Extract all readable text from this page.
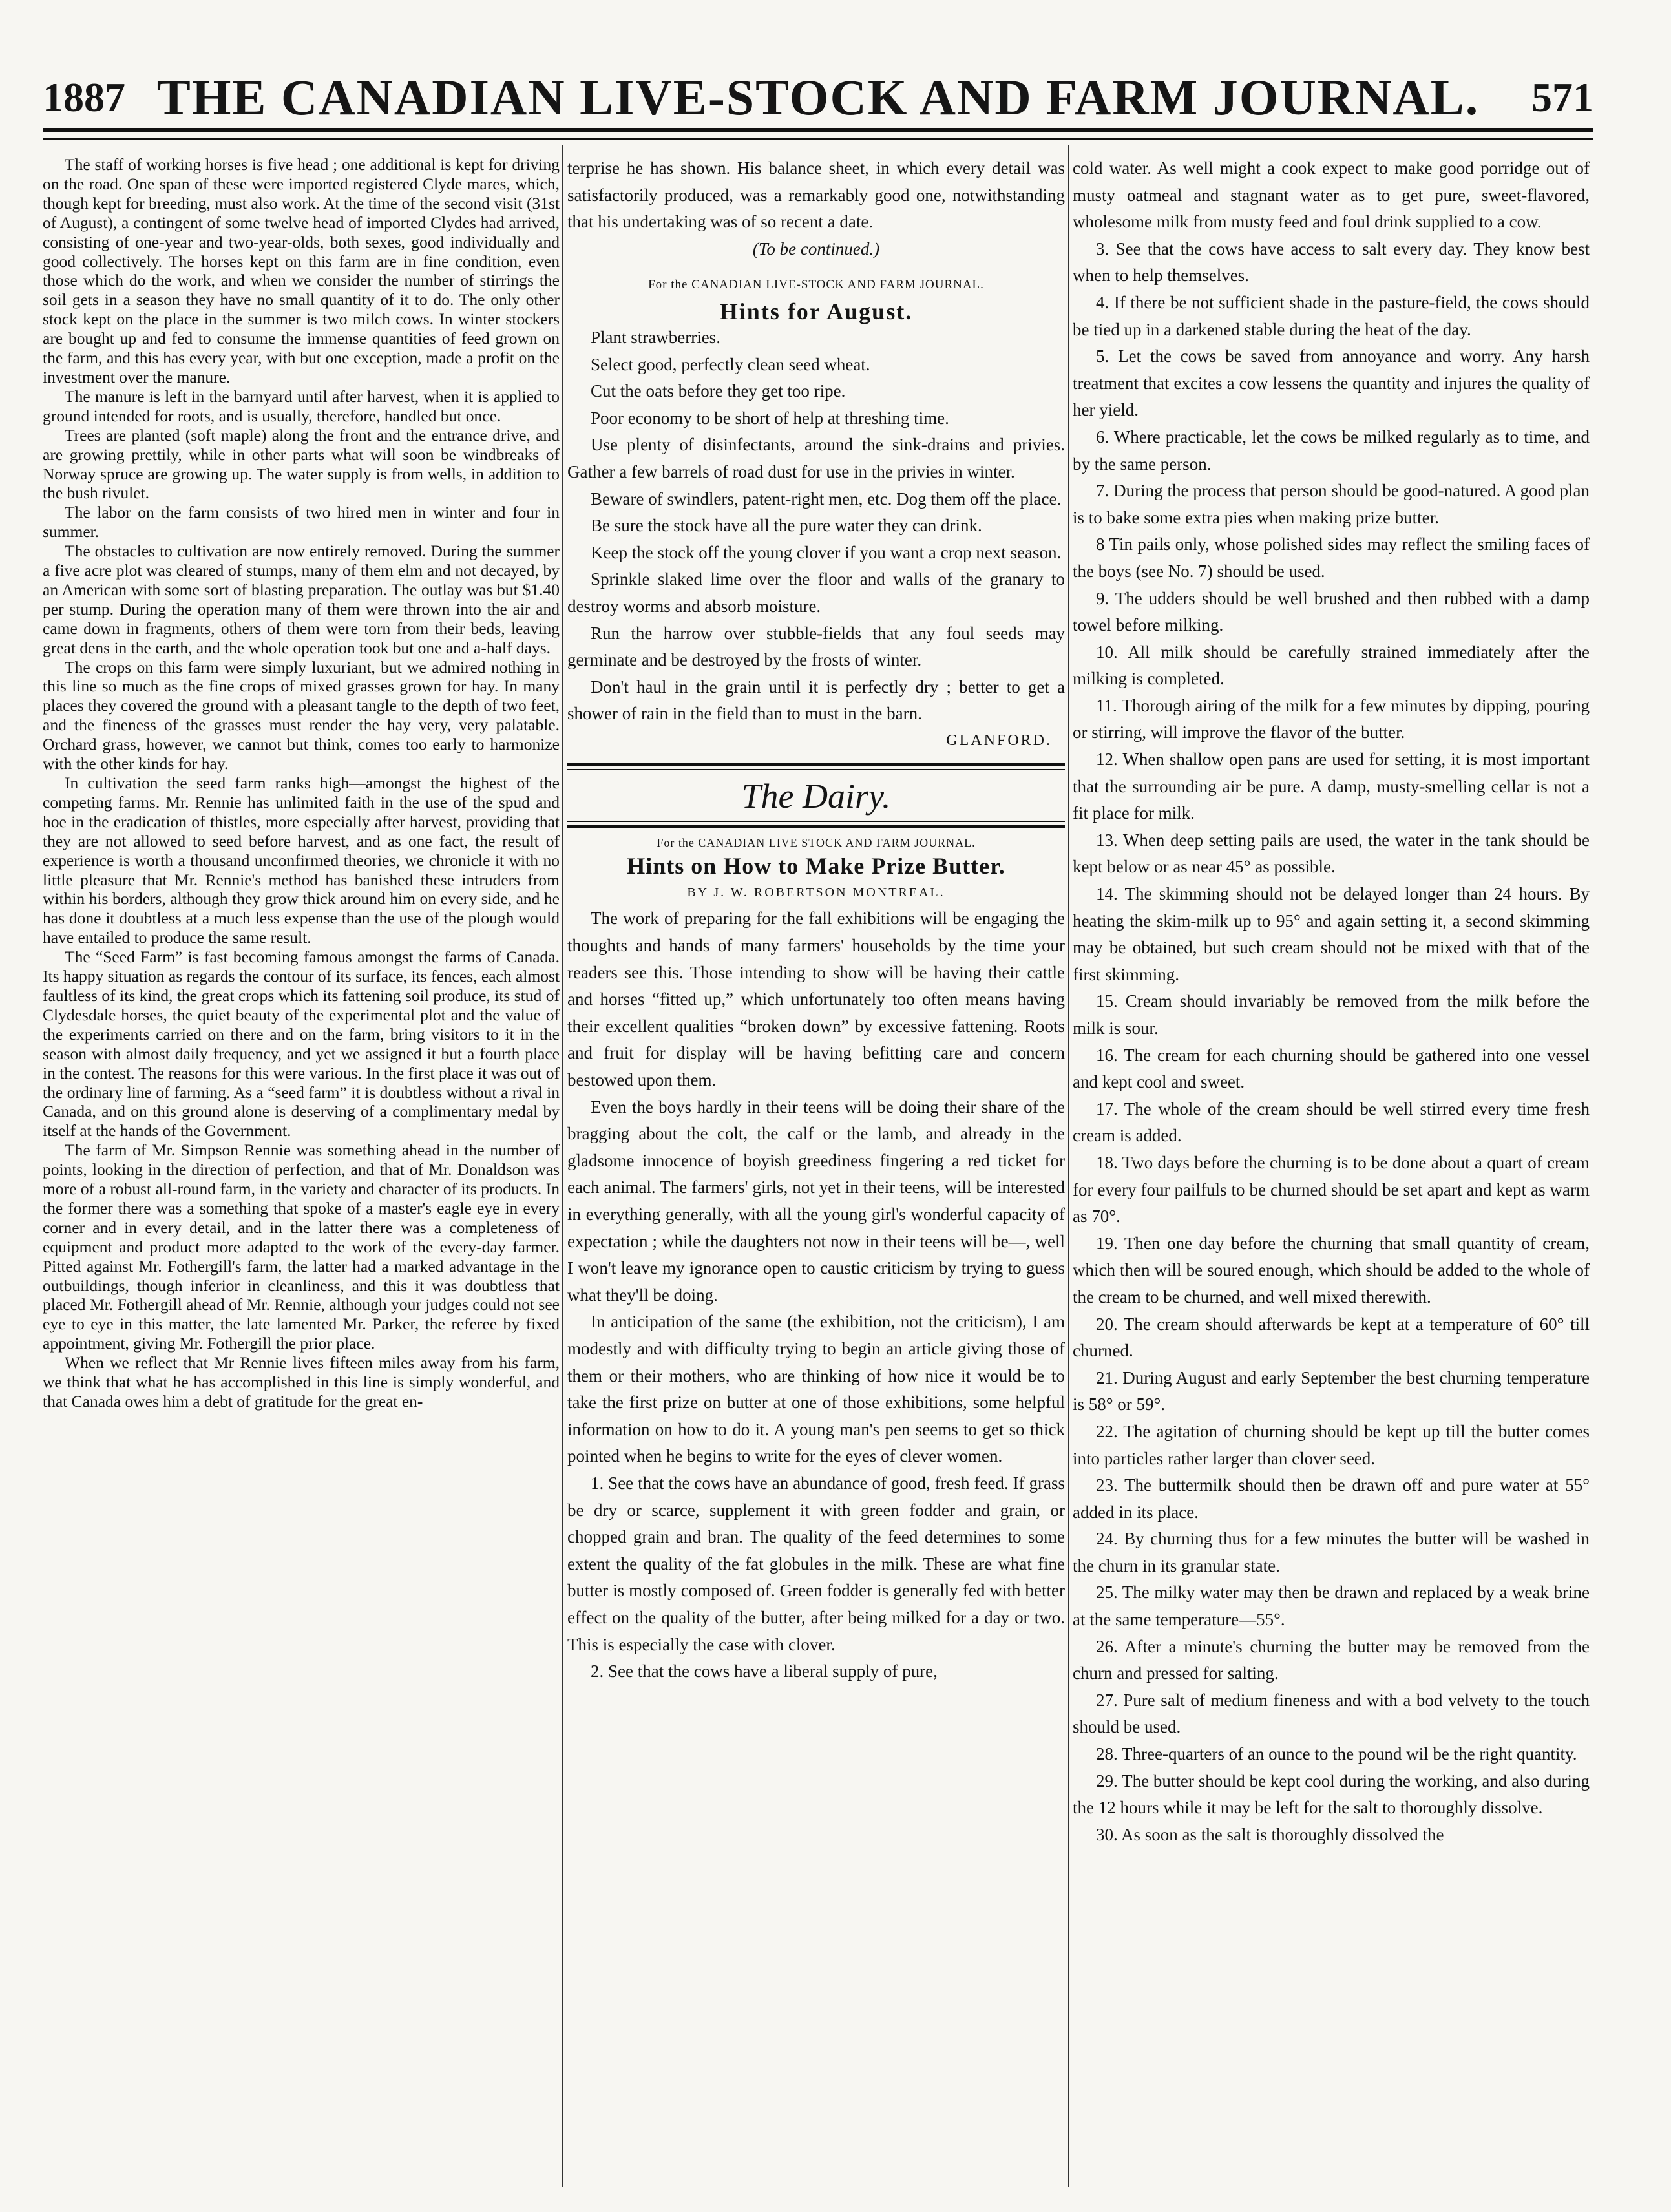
1887 THE CANADIAN LIVE-STOCK AND FARM JOURNAL.	571

The staff of working horses is five head ; one additional is kept for driving on the road. One span of these were imported registered Clyde mares, which, though kept for breeding, must also work. At the time of the second visit (31st of August), a contingent of some twelve head of imported Clydes had arrived, consisting of one-year and two-year-olds, both sexes, good individually and good collectively. The horses kept on this farm are in fine condition, even those which do the work, and when we consider the number of stirrings the soil gets in a season they have no small quantity of it to do. The only other stock kept on the place in the summer is two milch cows. In winter stockers are bought up and fed to consume the immense quantities of feed grown on the farm, and this has every year, with but one exception, made a profit on the investment over the manure.

The manure is left in the barnyard until after harvest, when it is applied to ground intended for roots, and is usually, therefore, handled but once.

Trees are planted (soft maple) along the front and the entrance drive, and are growing prettily, while in other parts what will soon be windbreaks of Norway spruce are growing up. The water supply is from wells, in addition to the bush rivulet.

The labor on the farm consists of two hired men in winter and four in summer.

The obstacles to cultivation are now entirely removed. During the summer a five acre plot was cleared of stumps, many of them elm and not decayed, by an American with some sort of blasting preparation. The outlay was but $1.40 per stump. During the operation many of them were thrown into the air and came down in fragments, others of them were torn from their beds, leaving great dens in the earth, and the whole operation took but one and a-half days.

The crops on this farm were simply luxuriant, but we admired nothing in this line so much as the fine crops of mixed grasses grown for hay. In many places they covered the ground with a pleasant tangle to the depth of two feet, and the fineness of the grasses must render the hay very, very palatable. Orchard grass, however, we cannot but think, comes too early to harmonize with the other kinds for hay.

In cultivation the seed farm ranks high—amongst the highest of the competing farms. Mr. Rennie has unlimited faith in the use of the spud and hoe in the eradication of thistles, more especially after harvest, providing that they are not allowed to seed before harvest, and as one fact, the result of experience is worth a thousand unconfirmed theories, we chronicle it with no little pleasure that Mr. Rennie's method has banished these intruders from within his borders, although they grow thick around him on every side, and he has done it doubtless at a much less expense than the use of the plough would have entailed to produce the same result.

The “Seed Farm” is fast becoming famous amongst the farms of Canada. Its happy situation as regards the contour of its surface, its fences, each almost faultless of its kind, the great crops which its fattening soil produce, its stud of Clydesdale horses, the quiet beauty of the experimental plot and the value of the experiments carried on there and on the farm, bring visitors to it in the season with almost daily frequency, and yet we assigned it but a fourth place in the contest. The reasons for this were various. In the first place it was out of the ordinary line of farming. As a “seed farm” it is doubtless without a rival in Canada, and on this ground alone is deserving of a complimentary medal by itself at the hands of the Government.

The farm of Mr. Simpson Rennie was something ahead in the number of points, looking in the direction of perfection, and that of Mr. Donaldson was more of a robust all-round farm, in the variety and character of its products. In the former there was a something that spoke of a master's eagle eye in every corner and in every detail, and in the latter there was a completeness of equipment and product more adapted to the work of the every-day farmer. Pitted against Mr. Fothergill's farm, the latter had a marked advantage in the outbuildings, though inferior in cleanliness, and this it was doubtless that placed Mr. Fothergill ahead of Mr. Rennie, although your judges could not see eye to eye in this matter, the late lamented Mr. Parker, the referee by fixed appointment, giving Mr. Fothergill the prior place.

When we reflect that Mr Rennie lives fifteen miles away from his farm, we think that what he has accomplished in this line is simply wonderful, and that Canada owes him a debt of gratitude for the great en-

terprise he has shown. His balance sheet, in which every detail was satisfactorily produced, was a remarkably good one, notwithstanding that his undertaking was of so recent a date.

(To be continued.)

For the CANADIAN LIVE-STOCK AND FARM JOURNAL.

Hints for August.

Plant strawberries.

Select good, perfectly clean seed wheat.

Cut the oats before they get too ripe.

Poor economy to be short of help at threshing time.

Use plenty of disinfectants, around the sink-drains and privies. Gather a few barrels of road dust for use in the privies in winter.

Beware of swindlers, patent-right men, etc. Dog them off the place.

Be sure the stock have all the pure water they can drink.

Keep the stock off the young clover if you want a crop next season.

Sprinkle slaked lime over the floor and walls of the granary to destroy worms and absorb moisture.

Run the harrow over stubble-fields that any foul seeds may germinate and be destroyed by the frosts of winter.

Don't haul in the grain until it is perfectly dry ; better to get a shower of rain in the field than to must in the barn.

GLANFORD.

The Dairy.

For the CANADIAN LIVE STOCK AND FARM JOURNAL.

Hints on How to Make Prize Butter.
BY J. W. ROBERTSON MONTREAL.

The work of preparing for the fall exhibitions will be engaging the thoughts and hands of many farmers' households by the time your readers see this. Those intending to show will be having their cattle and horses “fitted up,” which unfortunately too often means having their excellent qualities “broken down” by excessive fattening. Roots and fruit for display will be having befitting care and concern bestowed upon them.

Even the boys hardly in their teens will be doing their share of the bragging about the colt, the calf or the lamb, and already in the gladsome innocence of boyish greediness fingering a red ticket for each animal. The farmers' girls, not yet in their teens, will be interested in everything generally, with all the young girl's wonderful capacity of expectation ; while the daughters not now in their teens will be—, well I won't leave my ignorance open to caustic criticism by trying to guess what they'll be doing.

In anticipation of the same (the exhibition, not the criticism), I am modestly and with difficulty trying to begin an article giving those of them or their mothers, who are thinking of how nice it would be to take the first prize on butter at one of those exhibitions, some helpful information on how to do it. A young man's pen seems to get so thick pointed when he begins to write for the eyes of clever women.

1. See that the cows have an abundance of good, fresh feed. If grass be dry or scarce, supplement it with green fodder and grain, or chopped grain and bran. The quality of the feed determines to some extent the quality of the fat globules in the milk. These are what fine butter is mostly composed of. Green fodder is generally fed with better effect on the quality of the butter, after being milked for a day or two. This is especially the case with clover.

2. See that the cows have a liberal supply of pure,

cold water. As well might a cook expect to make good porridge out of musty oatmeal and stagnant water as to get pure, sweet-flavored, wholesome milk from musty feed and foul drink supplied to a cow.

3. See that the cows have access to salt every day. They know best when to help themselves.

4. If there be not sufficient shade in the pasture-field, the cows should be tied up in a darkened stable during the heat of the day.

5. Let the cows be saved from annoyance and worry. Any harsh treatment that excites a cow lessens the quantity and injures the quality of her yield.

6. Where practicable, let the cows be milked regularly as to time, and by the same person.

7. During the process that person should be good-natured. A good plan is to bake some extra pies when making prize butter.

8 Tin pails only, whose polished sides may reflect the smiling faces of the boys (see No. 7) should be used.

9. The udders should be well brushed and then rubbed with a damp towel before milking.

10. All milk should be carefully strained immediately after the milking is completed.

11. Thorough airing of the milk for a few minutes by dipping, pouring or stirring, will improve the flavor of the butter.

12. When shallow open pans are used for setting, it is most important that the surrounding air be pure. A damp, musty-smelling cellar is not a fit place for milk.

13. When deep setting pails are used, the water in the tank should be kept below or as near 45° as possible.

14. The skimming should not be delayed longer than 24 hours. By heating the skim-milk up to 95° and again setting it, a second skimming may be obtained, but such cream should not be mixed with that of the first skimming.

15. Cream should invariably be removed from the milk before the milk is sour.

16. The cream for each churning should be gathered into one vessel and kept cool and sweet.

17. The whole of the cream should be well stirred every time fresh cream is added.

18. Two days before the churning is to be done about a quart of cream for every four pailfuls to be churned should be set apart and kept as warm as 70°.

19. Then one day before the churning that small quantity of cream, which then will be soured enough, which should be added to the whole of the cream to be churned, and well mixed therewith.

20. The cream should afterwards be kept at a temperature of 60° till churned.

21. During August and early September the best churning temperature is 58° or 59°.

22. The agitation of churning should be kept up till the butter comes into particles rather larger than clover seed.

23. The buttermilk should then be drawn off and pure water at 55° added in its place.

24. By churning thus for a few minutes the butter will be washed in the churn in its granular state.

25. The milky water may then be drawn and replaced by a weak brine at the same temperature—55°.

26. After a minute's churning the butter may be removed from the churn and pressed for salting.

27. Pure salt of medium fineness and with a bod velvety to the touch should be used.

28. Three-quarters of an ounce to the pound wil be the right quantity.

29. The butter should be kept cool during the working, and also during the 12 hours while it may be left for the salt to thoroughly dissolve.

30. As soon as the salt is thoroughly dissolved the
